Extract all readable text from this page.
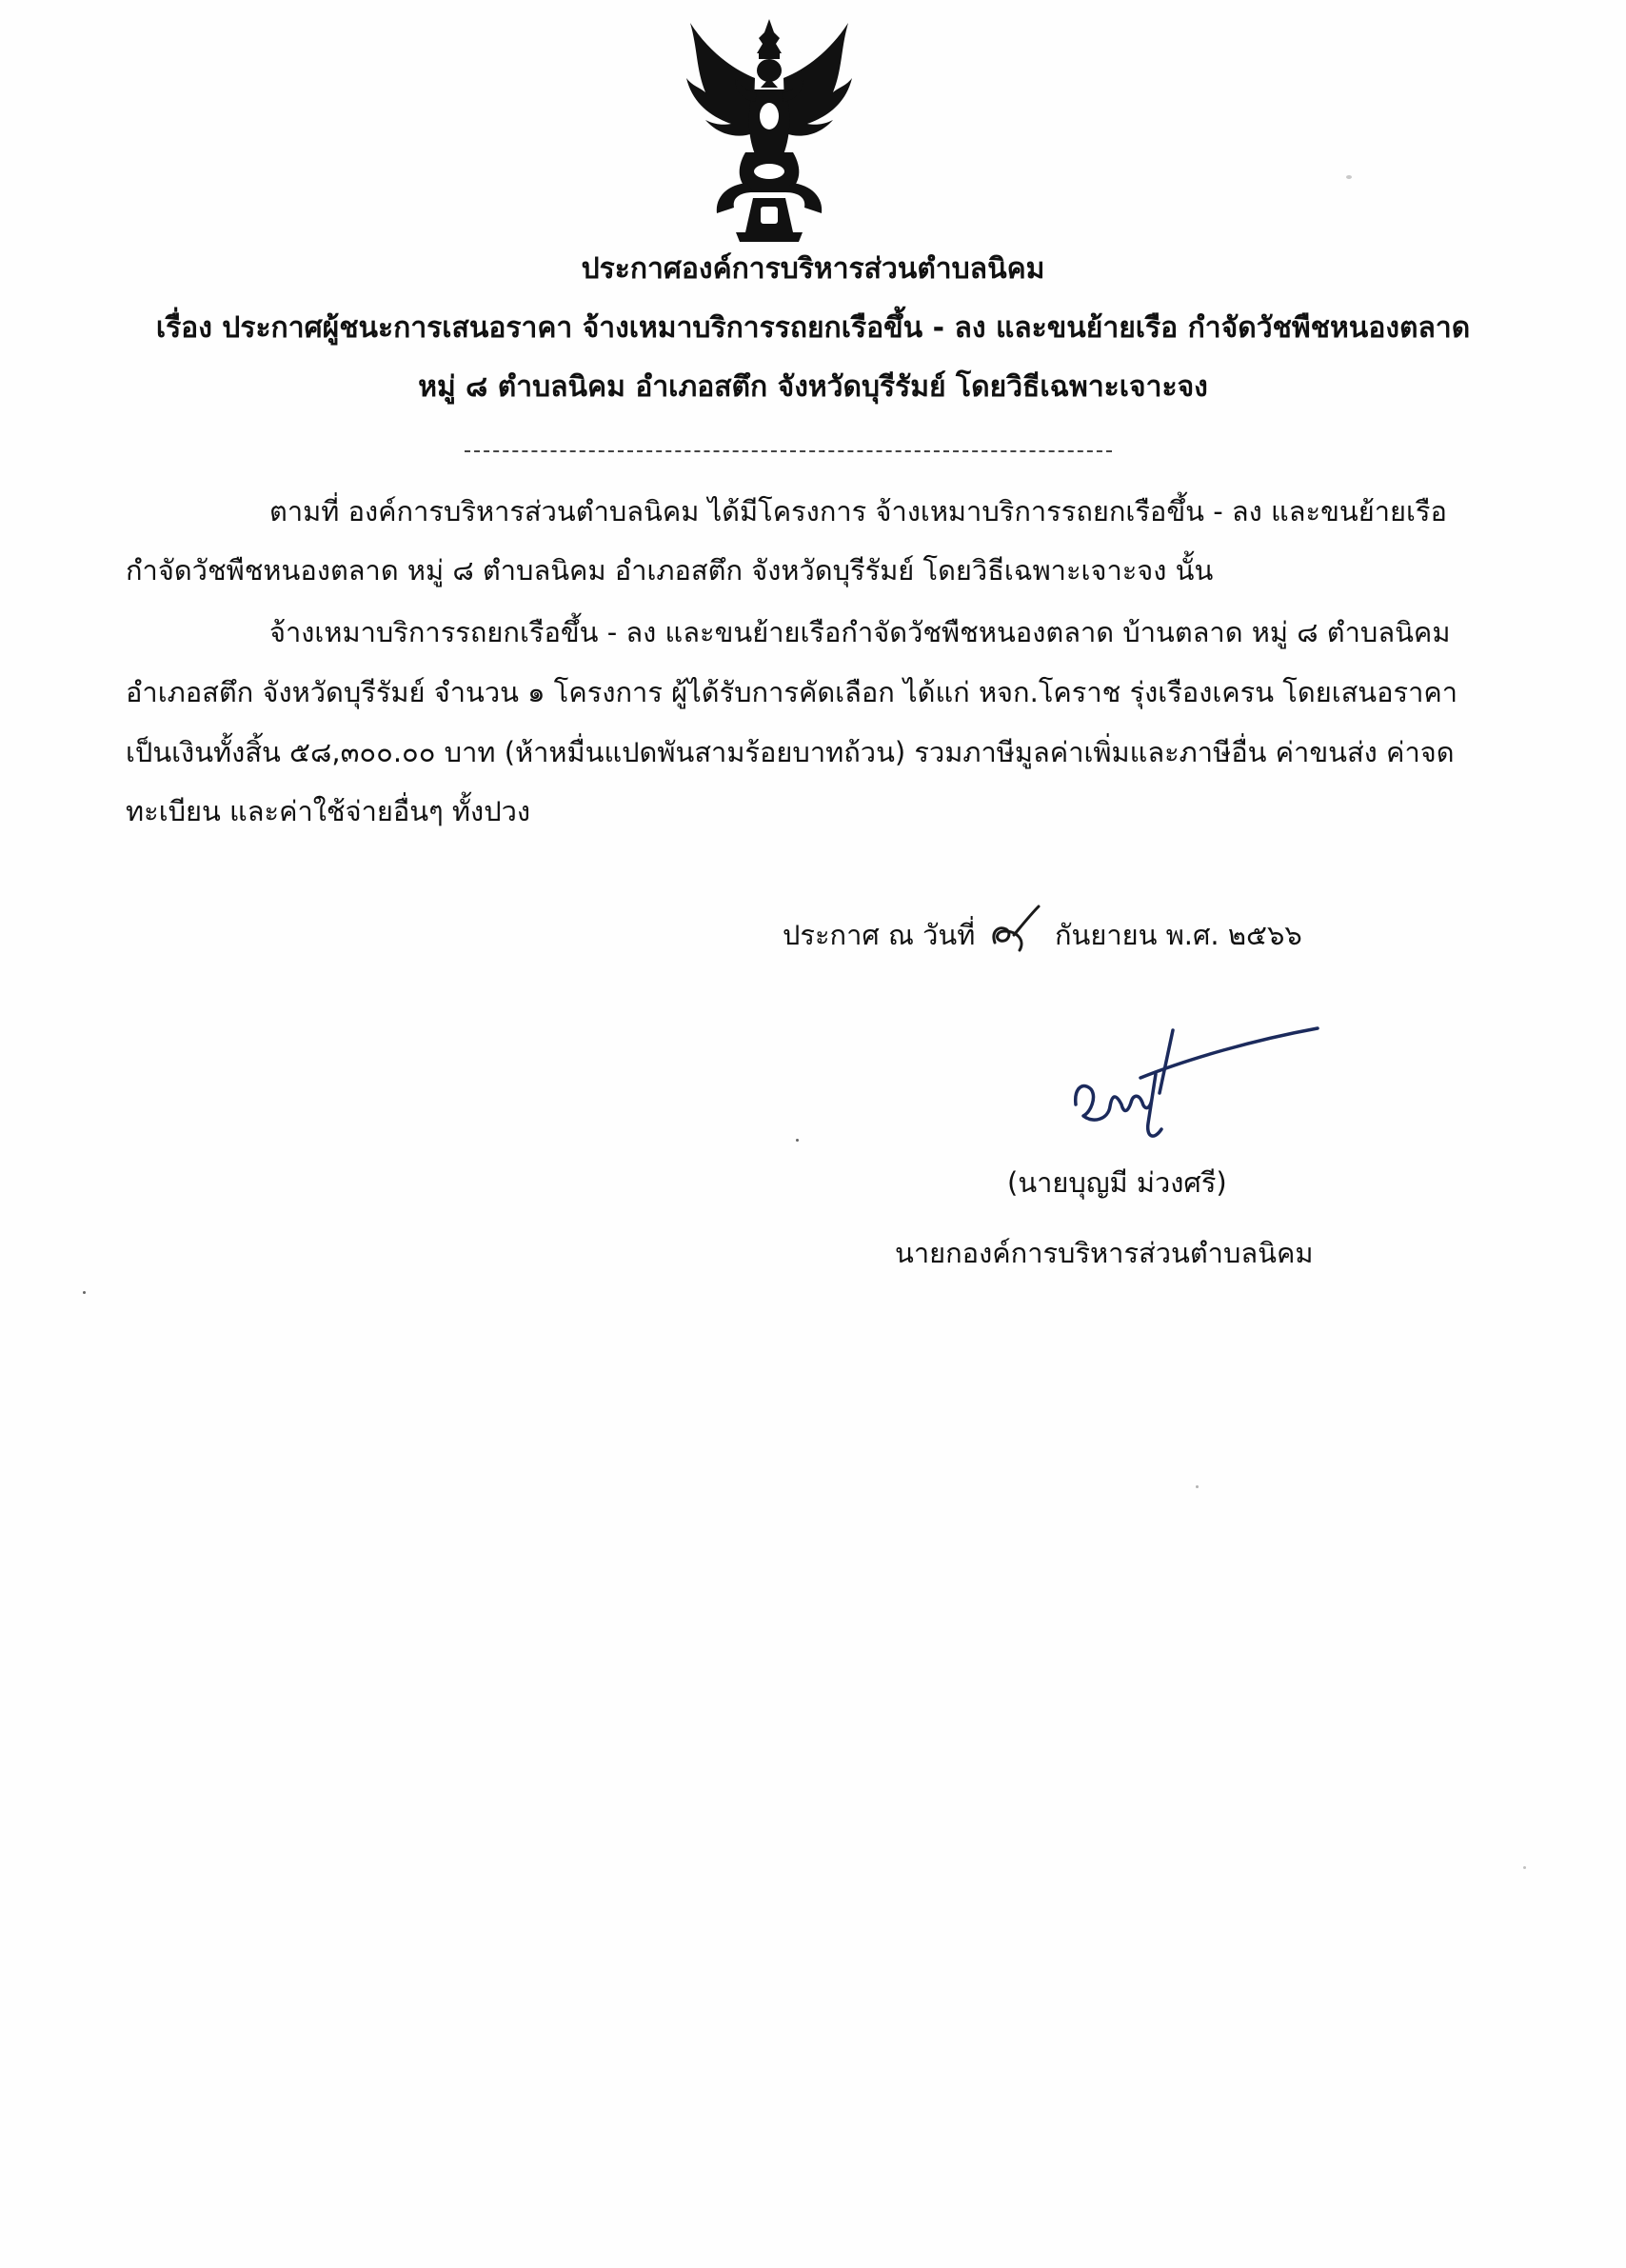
ประกาศองค์การบริหารส่วนตำบลนิคม
เรื่อง ประกาศผู้ชนะการเสนอราคา จ้างเหมาบริการรถยกเรือขึ้น - ลง และขนย้ายเรือ กำจัดวัชพืชหนองตลาด
หมู่ ๘ ตำบลนิคม อำเภอสตึก จังหวัดบุรีรัมย์ โดยวิธีเฉพาะเจาะจง
ตามที่ องค์การบริหารส่วนตำบลนิคม ได้มีโครงการ จ้างเหมาบริการรถยกเรือขึ้น - ลง และขนย้ายเรือ
กำจัดวัชพืชหนองตลาด หมู่ ๘ ตำบลนิคม อำเภอสตึก จังหวัดบุรีรัมย์ โดยวิธีเฉพาะเจาะจง นั้น
จ้างเหมาบริการรถยกเรือขึ้น - ลง และขนย้ายเรือกำจัดวัชพืชหนองตลาด บ้านตลาด หมู่ ๘ ตำบลนิคม
อำเภอสตึก จังหวัดบุรีรัมย์ จำนวน ๑ โครงการ ผู้ได้รับการคัดเลือก ได้แก่ หจก.โคราช รุ่งเรืองเครน โดยเสนอราคา
เป็นเงินทั้งสิ้น ๕๘,๓๐๐.๐๐ บาท (ห้าหมื่นแปดพันสามร้อยบาทถ้วน) รวมภาษีมูลค่าเพิ่มและภาษีอื่น ค่าขนส่ง ค่าจด
ทะเบียน และค่าใช้จ่ายอื่นๆ ทั้งปวง
ประกาศ ณ วันที่	กันยายน พ.ศ. ๒๕๖๖
(นายบุญมี ม่วงศรี)
นายกองค์การบริหารส่วนตำบลนิคม
